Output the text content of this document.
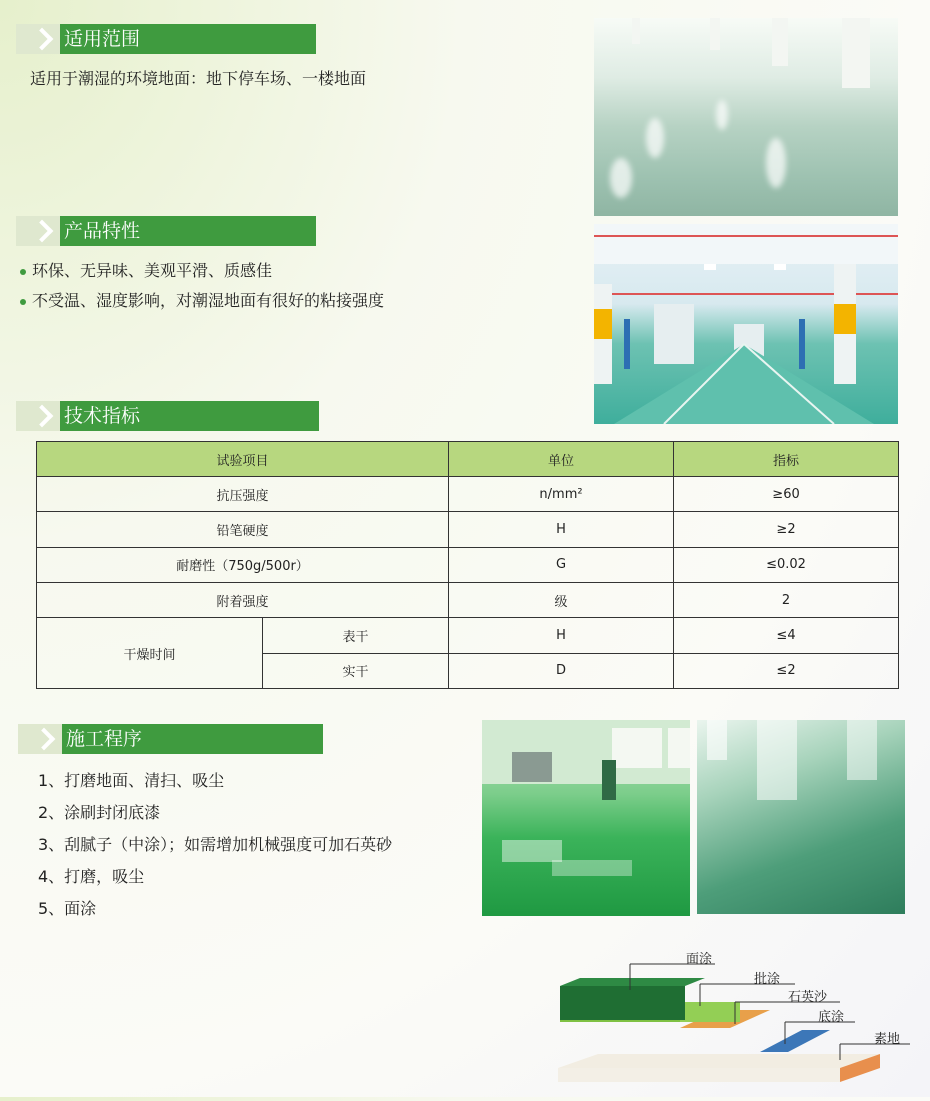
适用范围
适用于潮湿的环境地面：地下停车场、一楼地面
产品特性
环保、无异味、美观平滑、质感佳
不受温、湿度影响，对潮湿地面有很好的粘接强度
技术指标
试验项目		单位	指标
抗压强度		n/mm²	≥60
铅笔硬度		H	≥2
耐磨性（750g/500r）		G	≤0.02
附着强度		级	2
干燥时间	表干	H	≤4
	实干	D	≤2
施工程序
1、打磨地面、清扫、吸尘
2、涂刷封闭底漆
3、刮腻子（中涂）；如需增加机械强度可加石英砂
4、打磨，吸尘
5、面涂
面涂
批涂
石英沙
底涂
素地
